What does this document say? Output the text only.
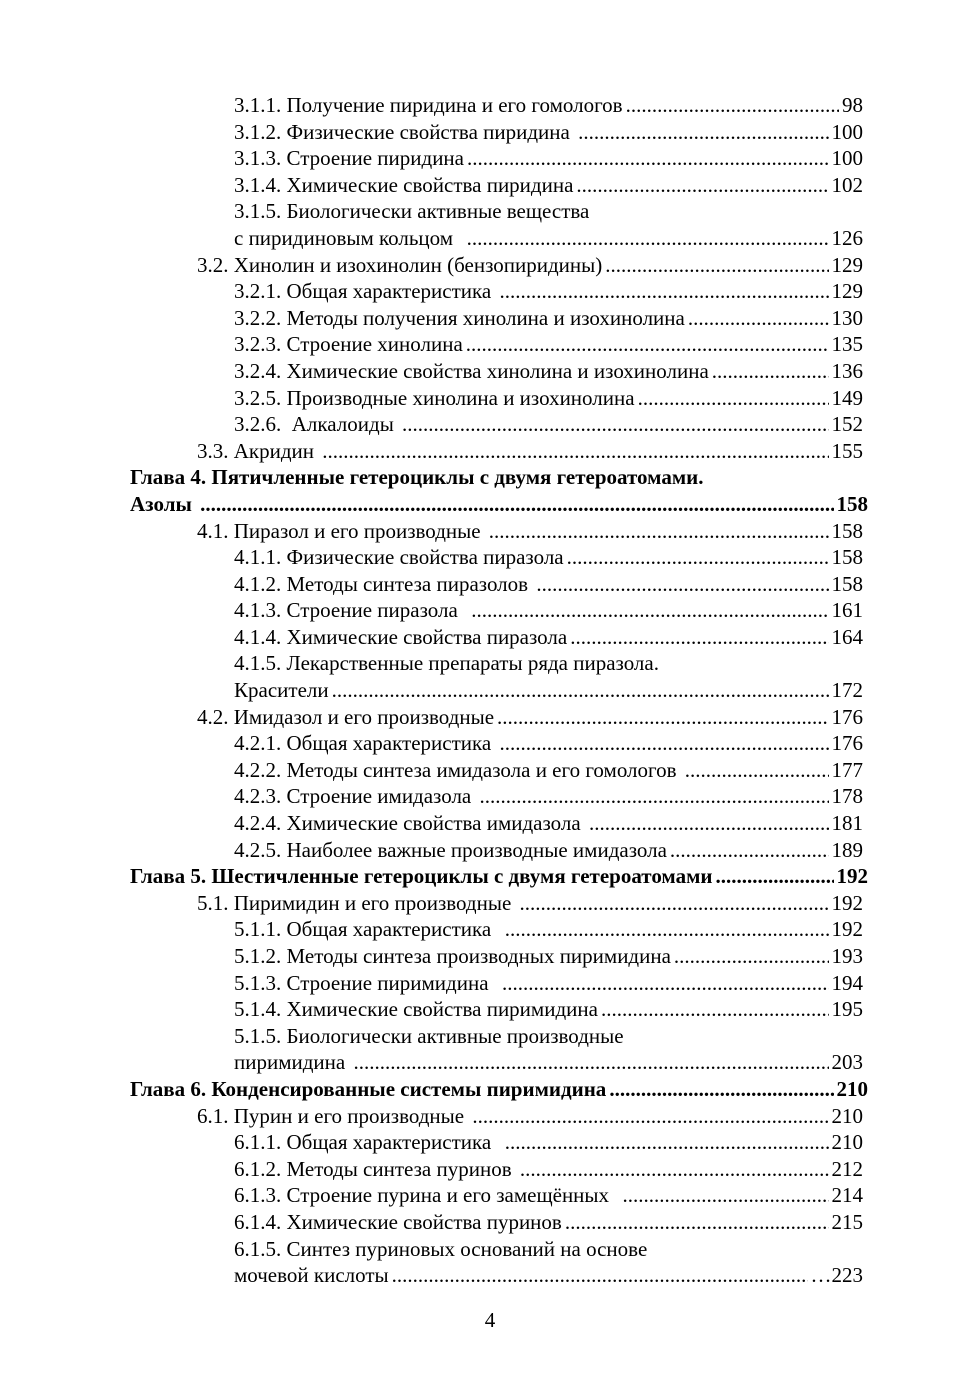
3.1.1. Получение пиридина и его гомологов .....	98
3.1.2. Физические свойства пиридина .....	100
3.1.3. Строение пиридина .....	100
3.1.4. Химические свойства пиридина .....	102
3.1.5. Биологически активные вещества
с пиридиновым кольцом .....	126
3.2. Хинолин и изохинолин (бензопиридины) .....	129
3.2.1. Общая характеристика .....	129
3.2.2. Методы получения хинолина и изохинолина .....	130
3.2.3. Строение хинолина .....	135
3.2.4. Химические свойства хинолина и изохинолина .....	136
3.2.5. Производные хинолина и изохинолина .....	149
3.2.6.  Алкалоиды .....	152
3.3. Акридин .....	155
Глава 4. Пятичленные гетероциклы с двумя гетероатомами.
Азолы .....	158
4.1. Пиразол и его производные .....	158
4.1.1. Физические свойства пиразола .....	158
4.1.2. Методы синтеза пиразолов .....	158
4.1.3. Строение пиразола .....	161
4.1.4. Химические свойства пиразола .....	164
4.1.5. Лекарственные препараты ряда пиразола.
Красители .....	172
4.2. Имидазол и его производные .....	176
4.2.1. Общая характеристика .....	176
4.2.2. Методы синтеза имидазола и его гомологов .....	177
4.2.3. Строение имидазола .....	178
4.2.4. Химические свойства имидазола .....	181
4.2.5. Наиболее важные производные имидазола .....	189
Глава 5. Шестичленные гетероциклы с двумя гетероатомами .....	192
5.1. Пиримидин и его производные .....	192
5.1.1. Общая характеристика .....	192
5.1.2. Методы синтеза производных пиримидина .....	193
5.1.3. Строение пиримидина .....	194
5.1.4. Химические свойства пиримидина .....	195
5.1.5. Биологически активные производные
пиримидина .....	203
Глава 6. Конденсированные системы пиримидина .....	210
6.1. Пурин и его производные .....	210
6.1.1. Общая характеристика .....	210
6.1.2. Методы синтеза пуринов .....	212
6.1.3. Строение пурина и его замещённых .....	214
6.1.4. Химические свойства пуринов .....	215
6.1.5. Синтез пуриновых оснований на основе
мочевой кислоты .....	…223
4
